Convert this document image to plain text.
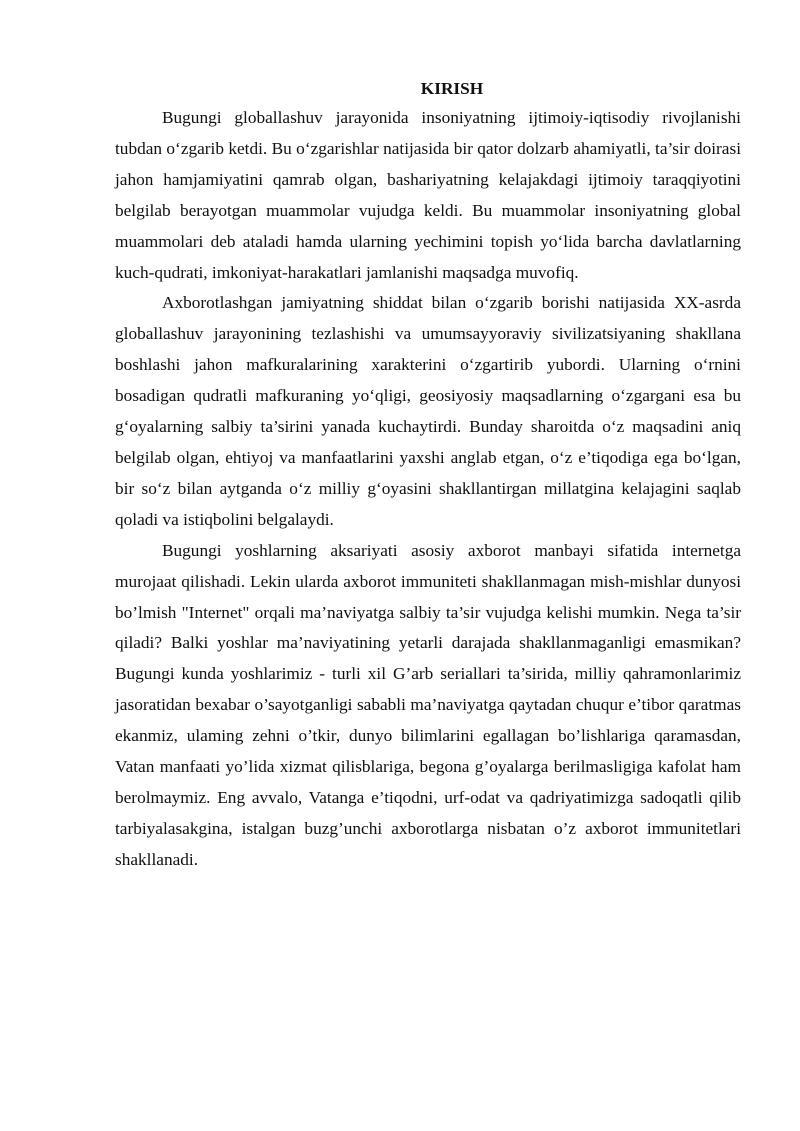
KIRISH

Bugungi globallashuv jarayonida insoniyatning ijtimoiy-iqtisodiy rivojlanishi tubdan o‘zgarib ketdi. Bu o‘zgarishlar natijasida bir qator dolzarb ahamiyatli, ta’sir doirasi jahon hamjamiyatini qamrab olgan, bashariyatning kelajakdagi ijtimoiy taraqqiyotini belgilab berayotgan muammolar vujudga keldi. Bu muammolar insoniyatning global muammolari deb ataladi hamda ularning yechimini topish yo‘lida barcha davlatlarning kuch-qudrati, imkoniyat-harakatlari jamlanishi maqsadga muvofiq.

Axborotlashgan jamiyatning shiddat bilan o‘zgarib borishi natijasida XX-asrda globallashuv jarayonining tezlashishi va umumsayyoraviy sivilizatsiyaning shakllana boshlashi jahon mafkuralarining xarakterini o‘zgartirib yubordi. Ularning o‘rnini bosadigan qudratli mafkuraning yo‘qligi, geosiyosiy maqsadlarning o‘zgargani esa bu g‘oyalarning salbiy ta’sirini yanada kuchaytirdi. Bunday sharoitda o‘z maqsadini aniq belgilab olgan, ehtiyoj va manfaatlarini yaxshi anglab etgan, o‘z e’tiqodiga ega bo‘lgan, bir so‘z bilan aytganda o‘z milliy g‘oyasini shakllantirgan millatgina kelajagini saqlab qoladi va istiqbolini belgalaydi.

Bugungi yoshlarning aksariyati asosiy axborot manbayi sifatida internetga murojaat qilishadi. Lekin ularda axborot immuniteti shakllanmagan mish-mishlar dunyosi bo’lmish "Internet" orqali ma’naviyatga salbiy ta’sir vujudga kelishi mumkin. Nega ta’sir qiladi? Balki yoshlar ma’naviyatining yetarli darajada shakllanmaganligi emasmikan? Bugungi kunda yoshlarimiz - turli xil G’arb seriallari ta’sirida, milliy qahramonlarimiz jasoratidan bexabar o’sayotganligi sababli ma’naviyatga qaytadan chuqur e’tibor qaratmas ekanmiz, ulaming zehni o’tkir, dunyo bilimlarini egallagan bo’lishlariga qaramasdan, Vatan manfaati yo’lida xizmat qilisblariga, begona g’oyalarga berilmasligiga kafolat ham berolmaymiz. Eng avvalo, Vatanga e’tiqodni, urf-odat va qadriyatimizga sadoqatli qilib tarbiyalasakgina, istalgan buzg’unchi axborotlarga nisbatan o’z axborot immunitetlari shakllanadi.
